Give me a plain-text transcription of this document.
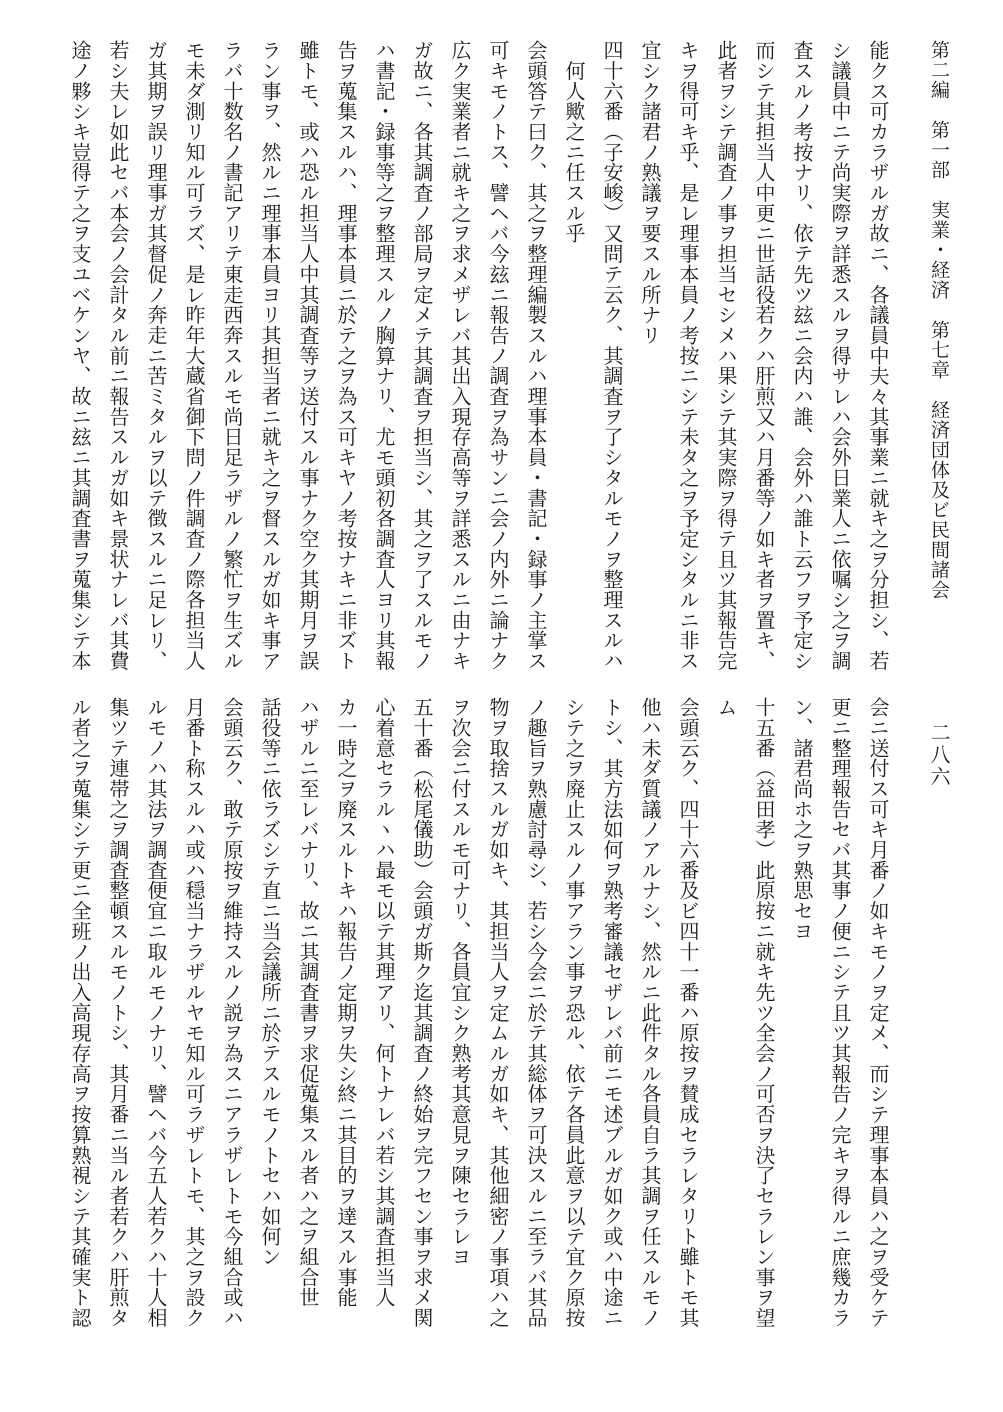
第二編　第一部　実業・経済　第七章　経済団体及ビ民間諸会
二八六
能クス可カラザルガ故ニ、各議員中夫々其事業ニ就キ之ヲ分担シ、若
シ議員中ニテ尚実際ヲ詳悉スルヲ得サレハ会外日業人ニ依嘱シ之ヲ調
査スルノ考按ナリ、依テ先ツ玆ニ会内ハ誰、会外ハ誰ト云フヲ予定シ
而シテ其担当人中更ニ世話役若クハ肝煎又ハ月番等ノ如キ者ヲ置キ、
此者ヲシテ調査ノ事ヲ担当セシメハ果シテ其実際ヲ得テ且ツ其報告完
キヲ得可キ乎、是レ理事本員ノ考按ニシテ未タ之ヲ予定シタルニ非ス
宜シク諸君ノ熟議ヲ要スル所ナリ
四十六番（子安峻）又問テ云ク、其調査ヲ了シタルモノヲ整理スルハ
　何人歟之ニ任スル乎
会頭答テ曰ク、其之ヲ整理編製スルハ理事本員・書記・録事ノ主掌ス
可キモノトス、譬ヘバ今玆ニ報告ノ調査ヲ為サンニ会ノ内外ニ論ナク
広ク実業者ニ就キ之ヲ求メザレバ其出入現存高等ヲ詳悉スルニ由ナキ
ガ故ニ、各其調査ノ部局ヲ定メテ其調査ヲ担当シ、其之ヲ了スルモノ
ハ書記・録事等之ヲ整理スルノ胸算ナリ、尤モ頭初各調査人ヨリ其報
告ヲ蒐集スルハ、理事本員ニ於テ之ヲ為ス可キヤノ考按ナキニ非ズト
雖トモ、或ハ恐ル担当人中其調査等ヲ送付スル事ナク空ク其期月ヲ誤
ラン事ヲ、然ルニ理事本員ヨリ其担当者ニ就キ之ヲ督スルガ如キ事ア
ラバ十数名ノ書記アリテ東走西奔スルモ尚日足ラザルノ繁忙ヲ生ズル
モ未ダ測リ知ル可ラズ、是レ昨年大蔵省御下問ノ件調査ノ際各担当人
ガ其期ヲ誤リ理事ガ其督促ノ奔走ニ苦ミタルヲ以テ徴スルニ足レリ、
若シ夫レ如此セバ本会ノ会計タル前ニ報告スルガ如キ景状ナレバ其費
途ノ夥シキ豈得テ之ヲ支ユベケンヤ、故ニ玆ニ其調査書ヲ蒐集シテ本
会ニ送付ス可キ月番ノ如キモノヲ定メ、而シテ理事本員ハ之ヲ受ケテ
更ニ整理報告セバ其事ノ便ニシテ且ツ其報告ノ完キヲ得ルニ庶幾カラ
ン、諸君尚ホ之ヲ熟思セヨ
十五番（益田孝）此原按ニ就キ先ツ全会ノ可否ヲ決了セラレン事ヲ望
ム
会頭云ク、四十六番及ビ四十一番ハ原按ヲ賛成セラレタリト雖トモ其
他ハ未ダ質議ノアルナシ、然ルニ此件タル各員自ラ其調ヲ任スルモノ
トシ、其方法如何ヲ熟考審議セザレバ前ニモ述ブルガ如ク或ハ中途ニ
シテ之ヲ廃止スルノ事アラン事ヲ恐ル、依テ各員此意ヲ以テ宜ク原按
ノ趣旨ヲ熟慮討尋シ、若シ今会ニ於テ其総体ヲ可決スルニ至ラバ其品
物ヲ取捨スルガ如キ、其担当人ヲ定ムルガ如キ、其他細密ノ事項ハ之
ヲ次会ニ付スルモ可ナリ、各員宜シク熟考其意見ヲ陳セラレヨ
五十番（松尾儀助）会頭ガ斯ク迄其調査ノ終始ヲ完フセン事ヲ求メ関
心着意セラルヽハ最モ以テ其理アリ、何トナレバ若シ其調査担当人
カ一時之ヲ廃スルトキハ報告ノ定期ヲ失シ終ニ其目的ヲ達スル事能
ハザルニ至レバナリ、故ニ其調査書ヲ求促蒐集スル者ハ之ヲ組合世
話役等ニ依ラズシテ直ニ当会議所ニ於テスルモノトセハ如何ン
会頭云ク、敢テ原按ヲ維持スルノ説ヲ為スニアラザレトモ今組合或ハ
月番ト称スルハ或ハ穏当ナラザルヤモ知ル可ラザレトモ、其之ヲ設ク
ルモノハ其法ヲ調査便宜ニ取ルモノナリ、譬ヘバ今五人若クハ十人相
集ツテ連帯之ヲ調査整頓スルモノトシ、其月番ニ当ル者若クハ肝煎タ
ル者之ヲ蒐集シテ更ニ全班ノ出入高現存高ヲ按算熟視シテ其確実ト認
